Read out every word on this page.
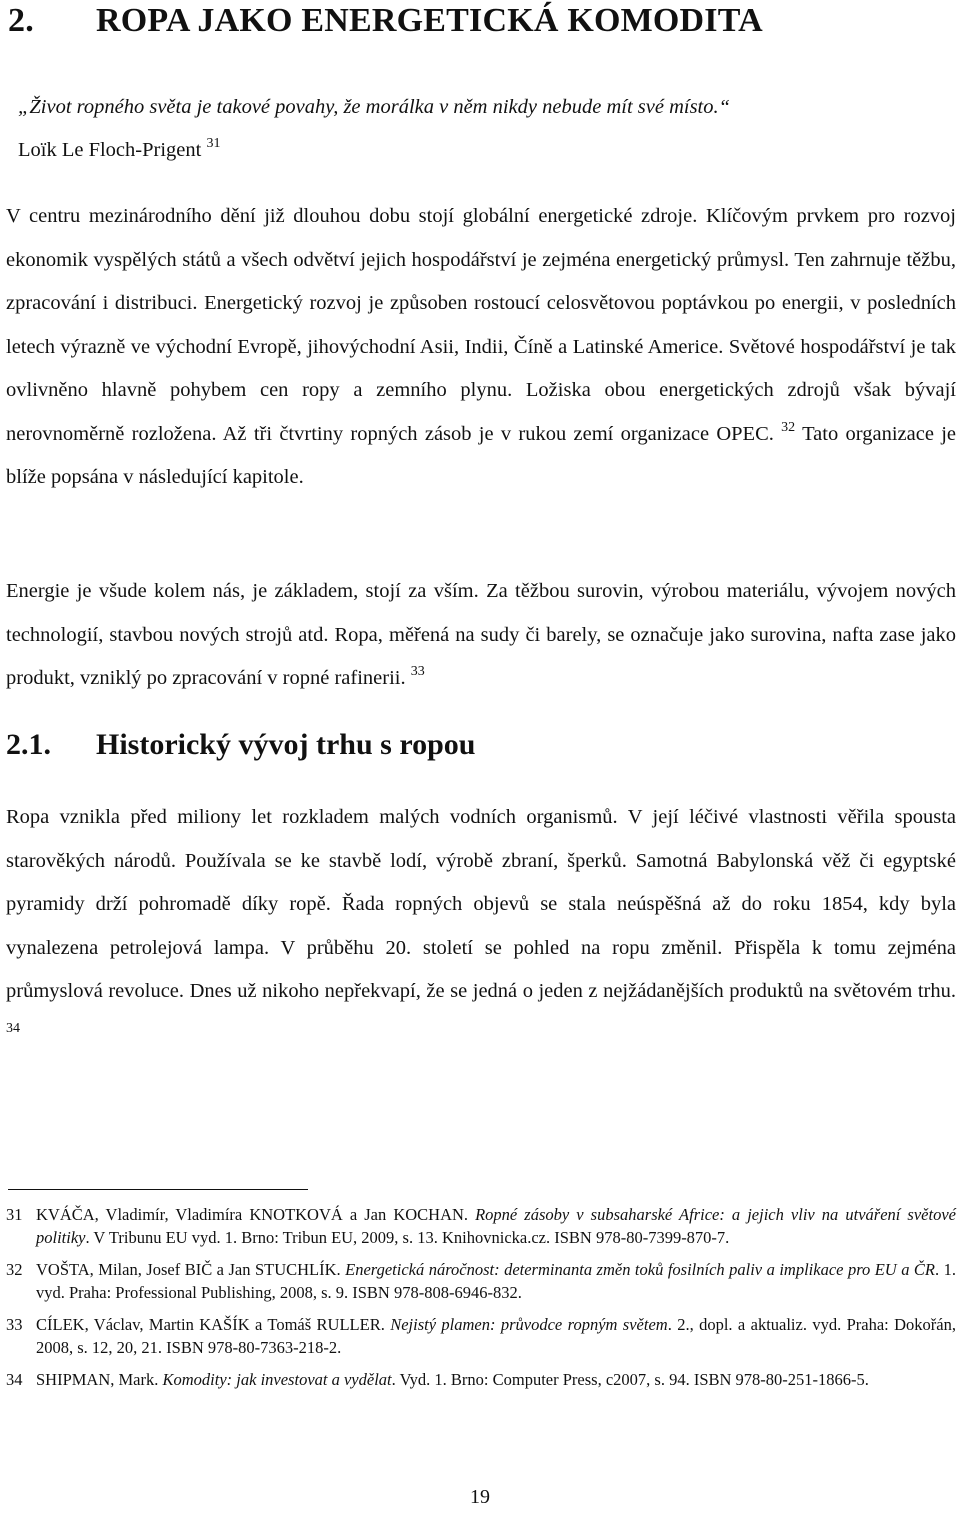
2. ROPA JAKO ENERGETICKÁ KOMODITA

„Život ropného světa je takové povahy, že morálka v něm nikdy nebude mít své místo.“

Loïk Le Floch-Prigent $^{31}$

V centru mezinárodního dění již dlouhou dobu stojí globální energetické zdroje. Klíčovým prvkem pro rozvoj ekonomik vyspělých států a všech odvětví jejich hospodářství je zejména energetický průmysl. Ten zahrnuje těžbu, zpracování i distribuci. Energetický rozvoj je způsoben rostoucí celosvětovou poptávkou po energii, v posledních letech výrazně ve východní Evropě, jihovýchodní Asii, Indii, Číně a Latinské Americe. Světové hospodářství je tak ovlivněno hlavně pohybem cen ropy a zemního plynu. Ložiska obou energetických zdrojů však bývají nerovnoměrně rozložena. Až tři čtvrtiny ropných zásob je v rukou zemí organizace OPEC. $^{32}$ Tato organizace je blíže popsána v následující kapitole.

Energie je všude kolem nás, je základem, stojí za vším. Za těžbou surovin, výrobou materiálu, vývojem nových technologií, stavbou nových strojů atd. Ropa, měřená na sudy či barely, se označuje jako surovina, nafta zase jako produkt, vzniklý po zpracování v ropné rafinerii. $^{33}$

2.1. Historický vývoj trhu s ropou

Ropa vznikla před miliony let rozkladem malých vodních organismů. V její léčivé vlastnosti věřila spousta starověkých národů. Používala se ke stavbě lodí, výrobě zbraní, šperků. Samotná Babylonská věž či egyptské pyramidy drží pohromadě díky ropě. Řada ropných objevů se stala neúspěšná až do roku 1854, kdy byla vynalezena petrolejová lampa. V průběhu 20. století se pohled na ropu změnil. Přispěla k tomu zejména průmyslová revoluce. Dnes už nikoho nepřekvapí, že se jedná o jeden z nejžádanějších produktů na světovém trhu. $^{34}$

31 KVÁČA, Vladimír, Vladimíra KNOTKOVÁ a Jan KOCHAN. Ropné zásoby v subsaharské Africe: a jejich vliv na utváření světové politiky. V Tribunu EU vyd. 1. Brno: Tribun EU, 2009, s. 13. Knihovnicka.cz. ISBN 978-80-7399-870-7.
32 VOŠTA, Milan, Josef BIČ a Jan STUCHLÍK. Energetická náročnost: determinanta změn toků fosilních paliv a implikace pro EU a ČR. 1. vyd. Praha: Professional Publishing, 2008, s. 9. ISBN 978-808-6946-832.
33 CÍLEK, Václav, Martin KAŠÍK a Tomáš RULLER. Nejistý plamen: průvodce ropným světem. 2., dopl. a aktualiz. vyd. Praha: Dokořán, 2008, s. 12, 20, 21. ISBN 978-80-7363-218-2.
34 SHIPMAN, Mark. Komodity: jak investovat a vydělat. Vyd. 1. Brno: Computer Press, c2007, s. 94. ISBN 978-80-251-1866-5.

19
